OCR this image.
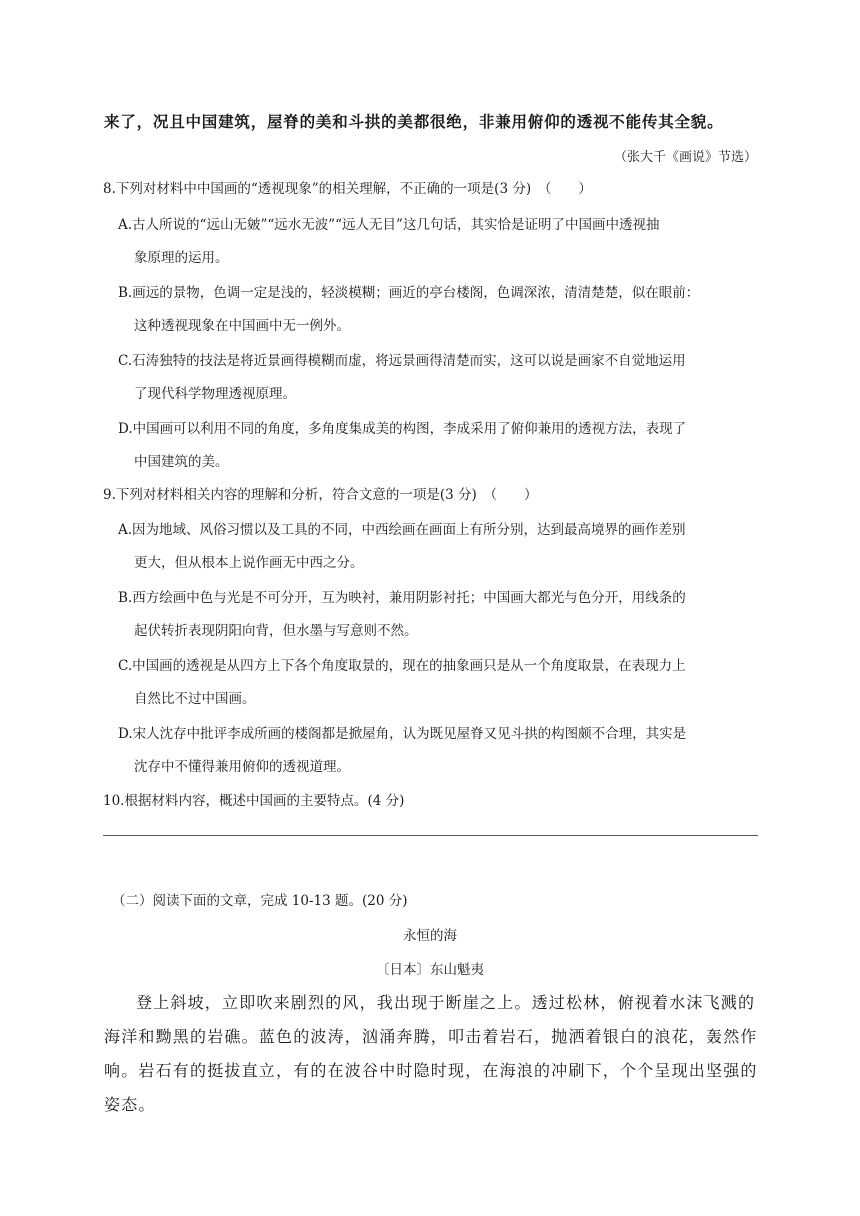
来了，况且中国建筑，屋脊的美和斗拱的美都很绝，非兼用俯仰的透视不能传其全貌。
（张大千《画说》节选）
8.下列对材料中中国画的“透视现象”的相关理解，不正确的一项是(3 分)　（　　）
A.古人所说的“远山无皴”“远水无波”“远人无目”这几句话，其实恰是证明了中国画中透视抽
象原理的运用。
B.画远的景物，色调一定是浅的，轻淡模糊；画近的亭台楼阁，色调深浓，清清楚楚，似在眼前：
这种透视现象在中国画中无一例外。
C.石涛独特的技法是将近景画得模糊而虚，将远景画得清楚而实，这可以说是画家不自觉地运用
了现代科学物理透视原理。
D.中国画可以利用不同的角度，多角度集成美的构图，李成采用了俯仰兼用的透视方法，表现了
中国建筑的美。
9.下列对材料相关内容的理解和分析，符合文意的一项是(3 分)　（　　）
A.因为地域、风俗习惯以及工具的不同，中西绘画在画面上有所分别，达到最高境界的画作差别
更大，但从根本上说作画无中西之分。
B.西方绘画中色与光是不可分开，互为映衬，兼用阴影衬托；中国画大都光与色分开，用线条的
起伏转折表现阴阳向背，但水墨与写意则不然。
C.中国画的透视是从四方上下各个角度取景的，现在的抽象画只是从一个角度取景，在表现力上
自然比不过中国画。
D.宋人沈存中批评李成所画的楼阁都是掀屋角，认为既见屋脊又见斗拱的构图颇不合理，其实是
沈存中不懂得兼用俯仰的透视道理。
10.根据材料内容，概述中国画的主要特点。(4 分)
（二）阅读下面的文章，完成 10-13 题。(20 分)
永恒的海
〔日本〕东山魁夷
登上斜坡，立即吹来剧烈的风，我出现于断崖之上。透过松林，俯视着水沫飞溅的
海洋和黝黑的岩礁。蓝色的波涛，汹涌奔腾，叩击着岩石，抛洒着银白的浪花，轰然作
响。岩石有的挺拔直立，有的在波谷中时隐时现，在海浪的冲刷下，个个呈现出坚强的
姿态。
